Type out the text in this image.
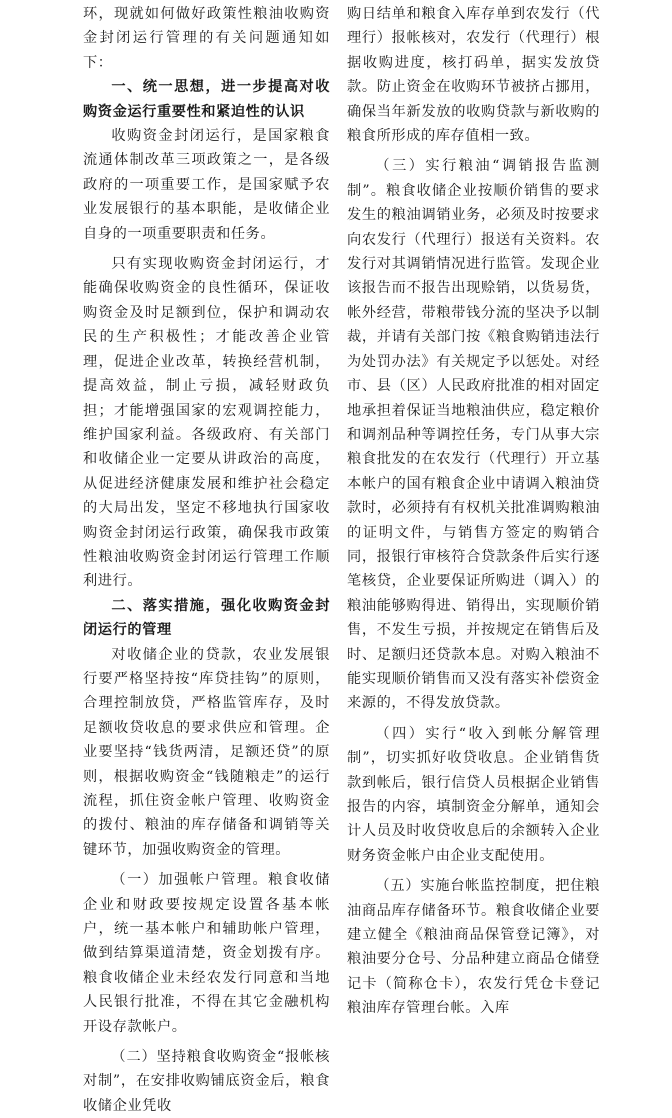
环，现就如何做好政策性粮油收购资金封闭运行管理的有关问题通知如下：

一、统一思想，进一步提高对收购资金运行重要性和紧迫性的认识

收购资金封闭运行，是国家粮食流通体制改革三项政策之一，是各级政府的一项重要工作，是国家赋予农业发展银行的基本职能，是收储企业自身的一项重要职责和任务。

只有实现收购资金封闭运行，才能确保收购资金的良性循环，保证收购资金及时足额到位，保护和调动农民的生产积极性；才能改善企业管理，促进企业改革，转换经营机制，提高效益，制止亏损，减轻财政负担；才能增强国家的宏观调控能力，维护国家利益。各级政府、有关部门和收储企业一定要从讲政治的高度，从促进经济健康发展和维护社会稳定的大局出发，坚定不移地执行国家收购资金封闭运行政策，确保我市政策性粮油收购资金封闭运行管理工作顺利进行。

二、落实措施，强化收购资金封闭运行的管理

对收储企业的贷款，农业发展银行要严格坚持按“库贷挂钩”的原则，合理控制放贷，严格监管库存，及时足额收贷收息的要求供应和管理。企业要坚持“钱货两清，足额还贷”的原则，根据收购资金“钱随粮走”的运行流程，抓住资金帐户管理、收购资金的拨付、粮油的库存储备和调销等关键环节，加强收购资金的管理。

（一）加强帐户管理。粮食收储企业和财政要按规定设置各基本帐户，统一基本帐户和辅助帐户管理，做到结算渠道清楚，资金划拨有序。粮食收储企业未经农发行同意和当地人民银行批准，不得在其它金融机构开设存款帐户。

（二）坚持粮食收购资金“报帐核对制”，在安排收购铺底资金后，粮食收储企业凭收

购日结单和粮食入库存单到农发行（代理行）报帐核对，农发行（代理行）根据收购进度，核打码单，据实发放贷款。防止资金在收购环节被挤占挪用，确保当年新发放的收购贷款与新收购的粮食所形成的库存值相一致。

（三）实行粮油“调销报告监测制”。粮食收储企业按顺价销售的要求发生的粮油调销业务，必须及时按要求向农发行（代理行）报送有关资料。农发行对其调销情况进行监管。发现企业该报告而不报告出现赊销，以货易货，帐外经营，带粮带钱分流的坚决予以制裁，并请有关部门按《粮食购销违法行为处罚办法》有关规定予以惩处。对经市、县（区）人民政府批准的相对固定地承担着保证当地粮油供应，稳定粮价和调剂品种等调控任务，专门从事大宗粮食批发的在农发行（代理行）开立基本帐户的国有粮食企业中请调入粮油贷款时，必须持有有权机关批准调购粮油的证明文件，与销售方签定的购销合同，报银行审核符合贷款条件后实行逐笔核贷，企业要保证所购进（调入）的粮油能够购得进、销得出，实现顺价销售，不发生亏损，并按规定在销售后及时、足额归还贷款本息。对购入粮油不能实现顺价销售而又没有落实补偿资金来源的，不得发放贷款。

（四）实行“收入到帐分解管理制”，切实抓好收贷收息。企业销售货款到帐后，银行信贷人员根据企业销售报告的内容，填制资金分解单，通知会计人员及时收贷收息后的余额转入企业财务资金帐户由企业支配使用。

（五）实施台帐监控制度，把住粮油商品库存储备环节。粮食收储企业要建立健全《粮油商品保管登记簿》，对粮油要分仓号、分品种建立商品仓储登记卡（简称仓卡），农发行凭仓卡登记粮油库存管理台帐。入库
